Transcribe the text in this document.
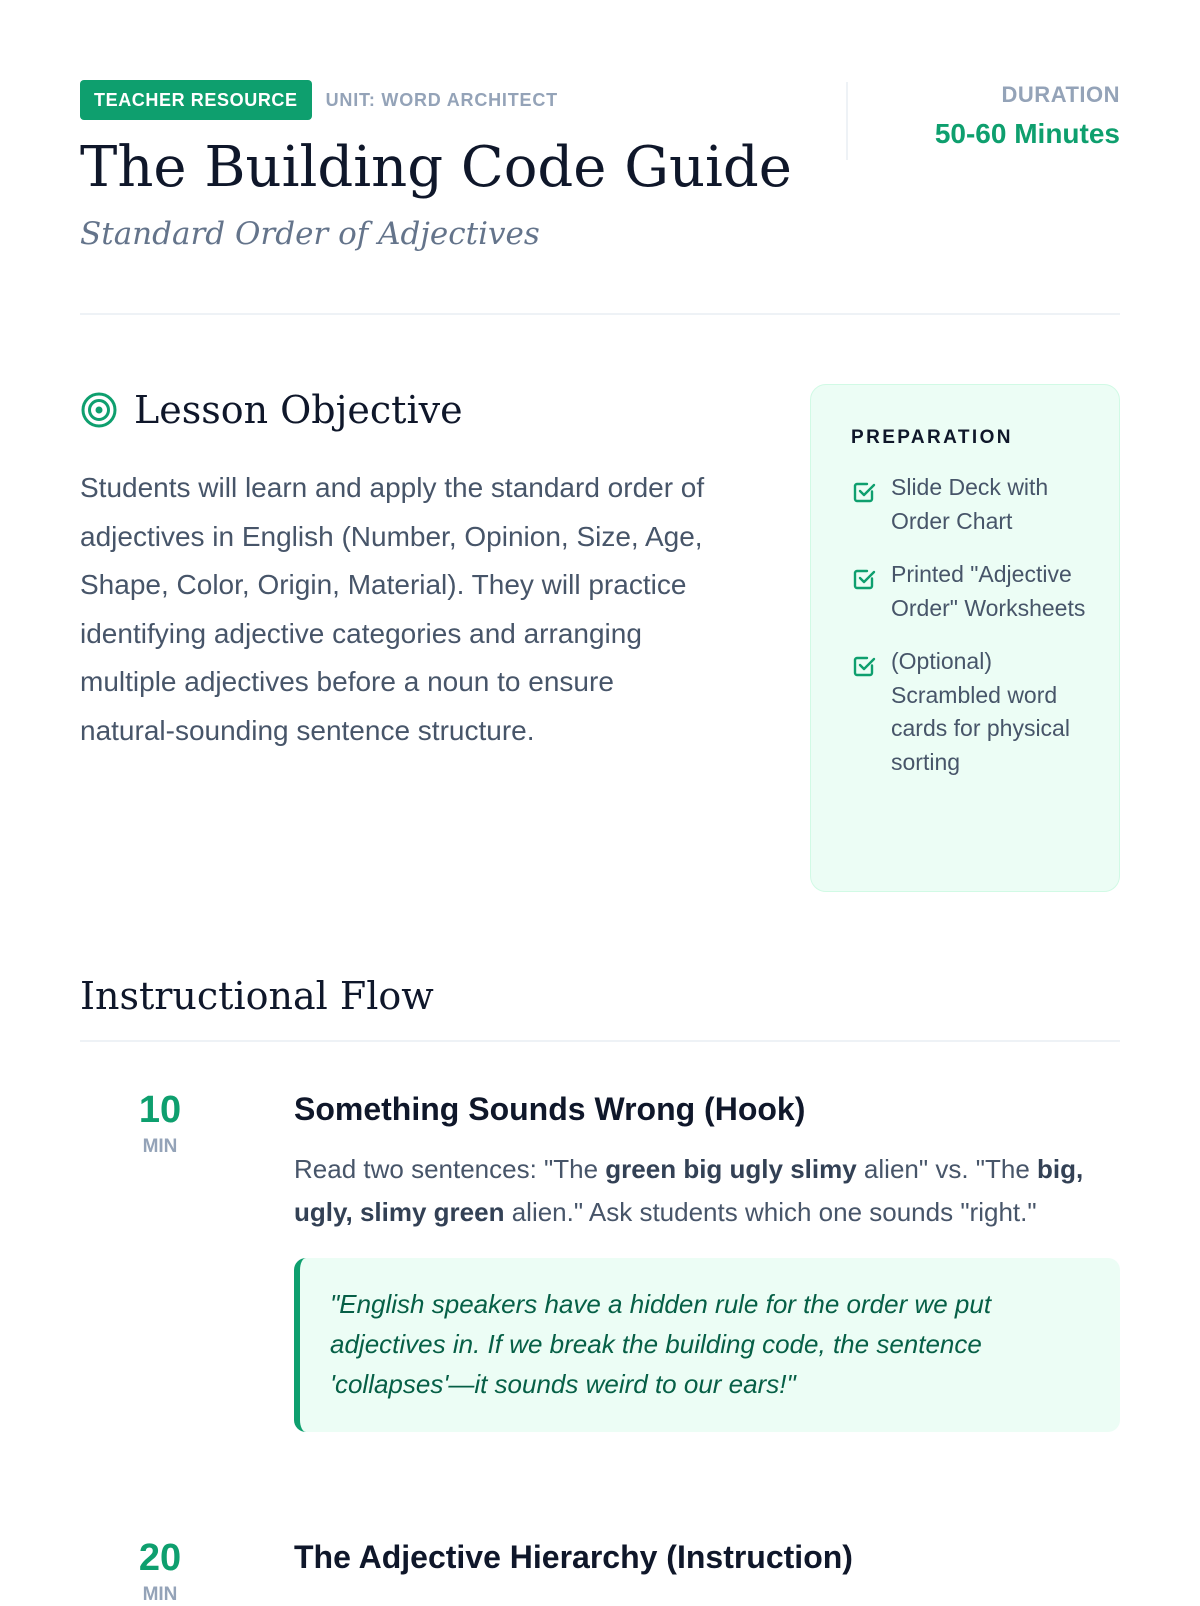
TEACHER RESOURCE	UNIT: WORD ARCHITECT
The Building Code Guide
Standard Order of Adjectives
DURATION
50-60 Minutes
Lesson Objective
Students will learn and apply the standard order of adjectives in English (Number, Opinion, Size, Age, Shape, Color, Origin, Material). They will practice identifying adjective categories and arranging multiple adjectives before a noun to ensure natural-sounding sentence structure.
PREPARATION
Slide Deck with Order Chart
Printed "Adjective Order" Worksheets
(Optional) Scrambled word cards for physical sorting
Instructional Flow
10
MIN
Something Sounds Wrong (Hook)
Read two sentences: "The green big ugly slimy alien" vs. "The big, ugly, slimy green alien." Ask students which one sounds "right."
"English speakers have a hidden rule for the order we put adjectives in. If we break the building code, the sentence 'collapses'—it sounds weird to our ears!"
20
MIN
The Adjective Hierarchy (Instruction)
